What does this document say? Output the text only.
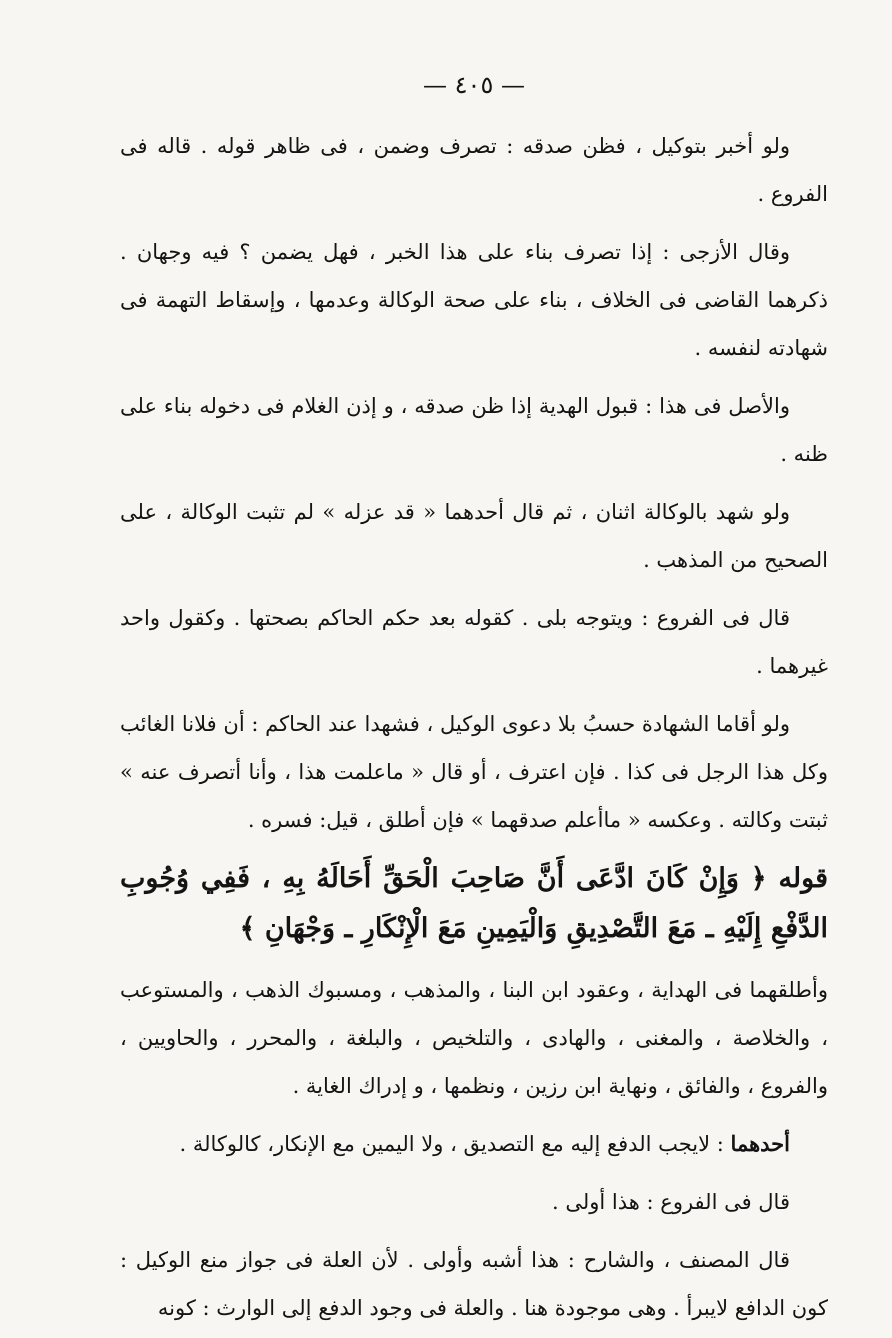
— ٤٠٥ —

ولو أخبر بتوكيل ، فظن صدقه : تصرف وضمن ، فى ظاهر قوله . قاله فى الفروع .

وقال الأزجى : إذا تصرف بناء على هذا الخبر ، فهل يضمن ؟ فيه وجهان . ذكرهما القاضى فى الخلاف ، بناء على صحة الوكالة وعدمها ، وإسقاط التهمة فى شهادته لنفسه .

والأصل فى هذا : قبول الهدية إذا ظن صدقه ، و إذن الغلام فى دخوله بناء على ظنه .

ولو شهد بالوكالة اثنان ، ثم قال أحدهما « قد عزله » لم تثبت الوكالة ، على الصحيح من المذهب .

قال فى الفروع : ويتوجه بلى . كقوله بعد حكم الحاكم بصحتها . وكقول واحد غيرهما .

ولو أقاما الشهادة حسبُ بلا دعوى الوكيل ، فشهدا عند الحاكم : أن فلانا الغائب وكل هذا الرجل فى كذا . فإن اعترف ، أو قال « ماعلمت هذا ، وأنا أتصرف عنه » ثبتت وكالته . وعكسه « ماأعلم صدقهما » فإن أطلق ، قيل: فسره .

قوله ﴿ وَإِنْ كَانَ ادَّعَى أَنَّ صَاحِبَ الْحَقِّ أَحَالَهُ بِهِ ، فَفِي وُجُوبِ الدَّفْعِ إِلَيْهِ ـ مَعَ التَّصْدِيقِ وَالْيَمِينِ مَعَ الْإِنْكَارِ ـ وَجْهَانِ ﴾

وأطلقهما فى الهداية ، وعقود ابن البنا ، والمذهب ، ومسبوك الذهب ، والمستوعب ، والخلاصة ، والمغنى ، والهادى ، والتلخيص ، والبلغة ، والمحرر ، والحاويين ، والفروع ، والفائق ، ونهاية ابن رزين ، ونظمها ، و إدراك الغاية .

أحدهما : لايجب الدفع إليه مع التصديق ، ولا اليمين مع الإنكار، كالوكالة .

قال فى الفروع : هذا أولى .

قال المصنف ، والشارح : هذا أشبه وأولى . لأن العلة فى جواز منع الوكيل : كون الدافع لايبرأ . وهى موجودة هنا . والعلة فى وجود الدفع إلى الوارث : كونه
